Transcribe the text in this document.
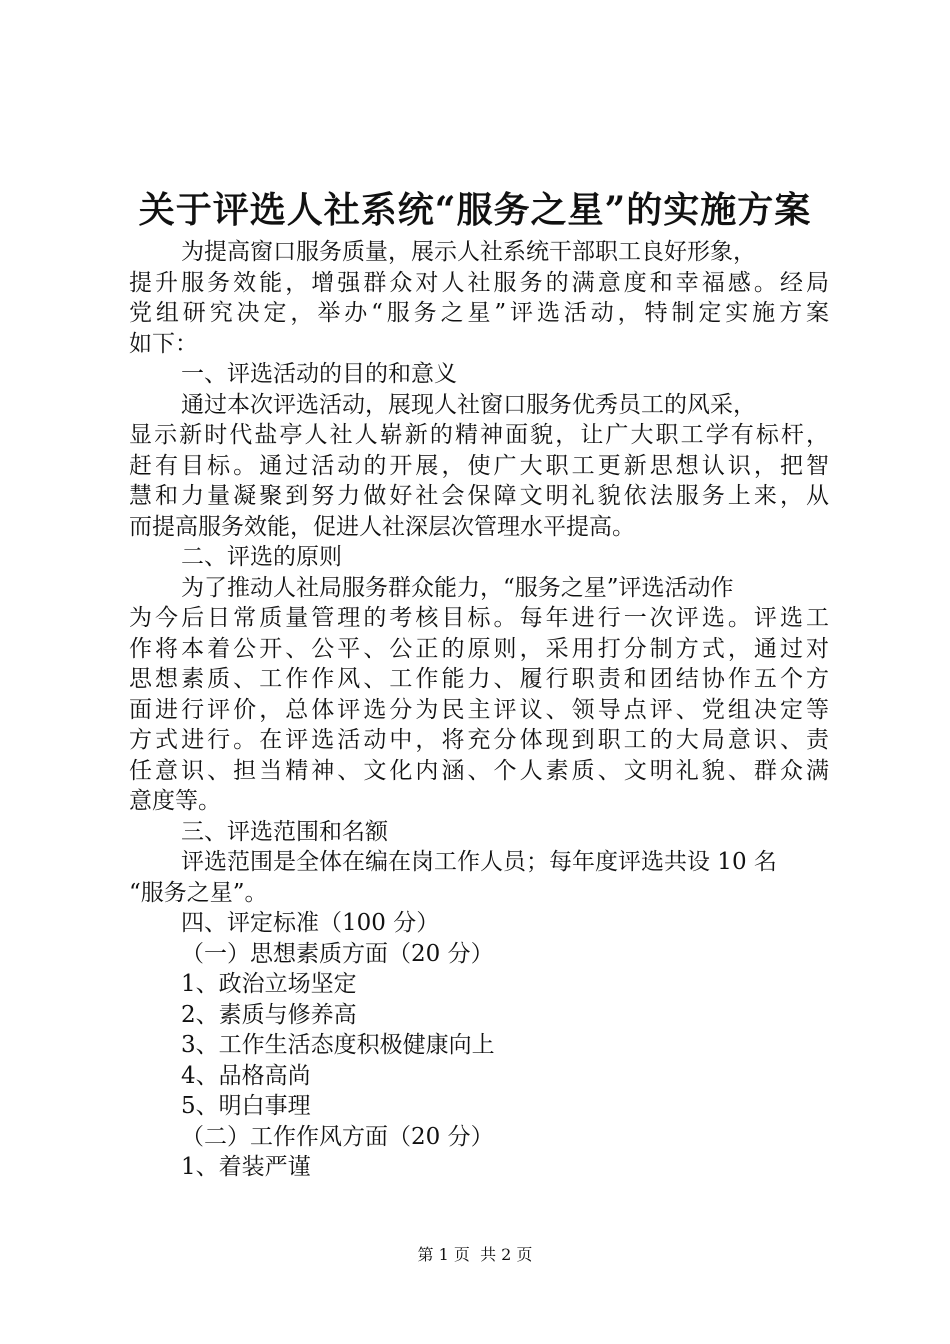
关于评选人社系统“服务之星”的实施方案
为提高窗口服务质量，展示人社系统干部职工良好形象，
提升服务效能，增强群众对人社服务的满意度和幸福感。经局
党组研究决定，举办“服务之星”评选活动，特制定实施方案
如下：
一、评选活动的目的和意义
通过本次评选活动，展现人社窗口服务优秀员工的风采，
显示新时代盐亭人社人崭新的精神面貌，让广大职工学有标杆，
赶有目标。通过活动的开展，使广大职工更新思想认识，把智
慧和力量凝聚到努力做好社会保障文明礼貌依法服务上来，从
而提高服务效能，促进人社深层次管理水平提高。
二、评选的原则
为了推动人社局服务群众能力，“服务之星”评选活动作
为今后日常质量管理的考核目标。每年进行一次评选。评选工
作将本着公开、公平、公正的原则，采用打分制方式，通过对
思想素质、工作作风、工作能力、履行职责和团结协作五个方
面进行评价，总体评选分为民主评议、领导点评、党组决定等
方式进行。在评选活动中，将充分体现到职工的大局意识、责
任意识、担当精神、文化内涵、个人素质、文明礼貌、群众满
意度等。
三、评选范围和名额
评选范围是全体在编在岗工作人员；每年度评选共设 10 名
“服务之星”。
四、评定标准（100 分）
（一）思想素质方面（20 分）
1、政治立场坚定
2、素质与修养高
3、工作生活态度积极健康向上
4、品格高尚
5、明白事理
（二）工作作风方面（20 分）
1、着装严谨
第 1 页  共 2 页
